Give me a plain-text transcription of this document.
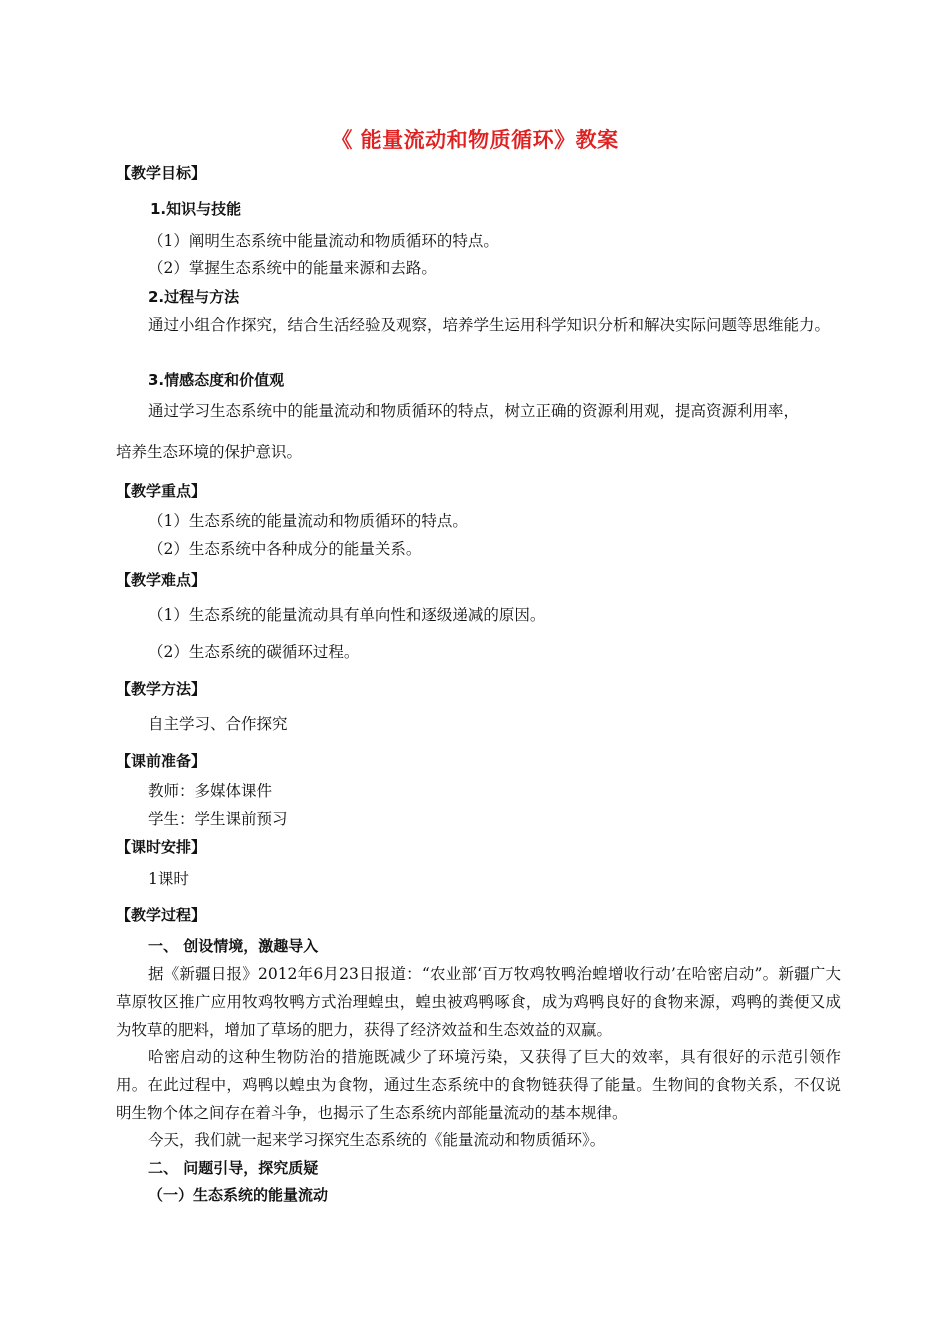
《 能量流动和物质循环》教案
【教学目标】
1.知识与技能
（1）阐明生态系统中能量流动和物质循环的特点。
（2）掌握生态系统中的能量来源和去路。
2.过程与方法

通过小组合作探究，结合生活经验及观察，培养学生运用科学知识分析和解决实际问题等思维能力。

3.情感态度和价值观
通过学习生态系统中的能量流动和物质循环的特点，树立正确的资源利用观，提高资源利用率，
培养生态环境的保护意识。
【教学重点】
（1）生态系统的能量流动和物质循环的特点。
（2）生态系统中各种成分的能量关系。
【教学难点】
（1）生态系统的能量流动具有单向性和逐级递减的原因。
（2）生态系统的碳循环过程。
【教学方法】
自主学习、合作探究
【课前准备】
教师：多媒体课件
学生：学生课前预习
【课时安排】
1课时
【教学过程】
一、 创设情境，激趣导入

据《新疆日报》2012年6月23日报道：“农业部‘百万牧鸡牧鸭治蝗增收行动’在哈密启动”。新疆广大草原牧区推广应用牧鸡牧鸭方式治理蝗虫，蝗虫被鸡鸭啄食，成为鸡鸭良好的食物来源，鸡鸭的粪便又成为牧草的肥料，增加了草场的肥力，获得了经济效益和生态效益的双赢。

哈密启动的这种生物防治的措施既减少了环境污染，又获得了巨大的效率，具有很好的示范引领作用。在此过程中，鸡鸭以蝗虫为食物，通过生态系统中的食物链获得了能量。生物间的食物关系，不仅说明生物个体之间存在着斗争，也揭示了生态系统内部能量流动的基本规律。

今天，我们就一起来学习探究生态系统的《能量流动和物质循环》。
二、 问题引导，探究质疑
（一）生态系统的能量流动
